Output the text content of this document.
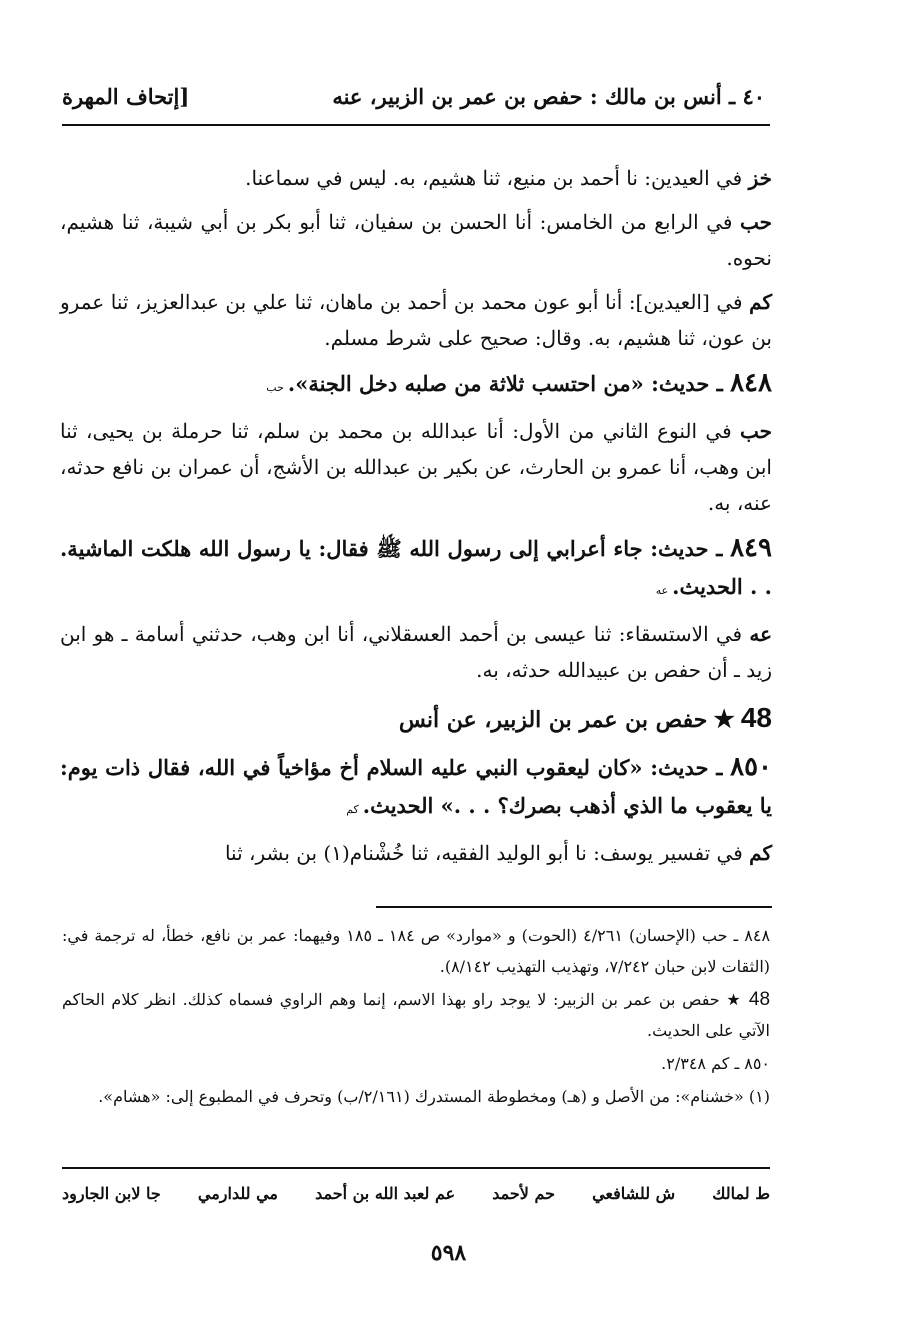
٤٠ ـ أنس بن مالك : حفص بن عمر بن الزبير، عنه
[إتحاف المهرة

خز في العيدين: نا أحمد بن منيع، ثنا هشيم، به. ليس في سماعنا.

حب في الرابع من الخامس: أنا الحسن بن سفيان، ثنا أبو بكر بن أبي شيبة، ثنا هشيم، نحوه.

كم في [العيدين]: أنا أبو عون محمد بن أحمد بن ماهان، ثنا علي بن عبدالعزيز، ثنا عمرو بن عون، ثنا هشيم، به. وقال: صحيح على شرط مسلم.

٨٤٨ ـ حديث: «من احتسب ثلاثة من صلبه دخل الجنة».حب

حب في النوع الثاني من الأول: أنا عبدالله بن محمد بن سلم، ثنا حرملة بن يحيى، ثنا ابن وهب، أنا عمرو بن الحارث، عن بكير بن عبدالله بن الأشج، أن عمران بن نافع حدثه، عنه، به.

٨٤٩ ـ حديث: جاء أعرابي إلى رسول الله ﷺ فقال: يا رسول الله هلكت الماشية. . . الحديث.عه

عه في الاستسقاء: ثنا عيسى بن أحمد العسقلاني، أنا ابن وهب، حدثني أسامة ـ هو ابن زيد ـ أن حفص بن عبيدالله حدثه، به.

48★حفص بن عمر بن الزبير، عن أنس

٨٥٠ ـ حديث: «كان ليعقوب النبي عليه السلام أخ مؤاخياً في الله، فقال ذات يوم: يا يعقوب ما الذي أذهب بصرك؟ . . .» الحديث.كم

كم في تفسير يوسف: نا أبو الوليد الفقيه، ثنا خُشْنام(١) بن بشر، ثنا

٨٤٨ ـ حب (الإحسان) ٤/٢٦١ (الحوت) و «موارد» ص ١٨٤ ـ ١٨٥ وفيهما: عمر بن نافع، خطأ، له ترجمة في: (الثقات لابن حبان ٧/٢٤٢، وتهذيب التهذيب ٨/١٤٢).

48 ★ حفص بن عمر بن الزبير: لا يوجد راو بهذا الاسم، إنما وهم الراوي فسماه كذلك. انظر كلام الحاكم الآتي على الحديث.

٨٥٠ ـ كم ٢/٣٤٨.

(١) «خشنام»: من الأصل و (هـ) ومخطوطة المستدرك (٢/١٦١/ب) وتحرف في المطبوع إلى: «هشام».

ط لمالك
ش للشافعي
حم لأحمد
عم لعبد الله بن أحمد
مي للدارمي
جا لابن الجارود
٥٩٨
